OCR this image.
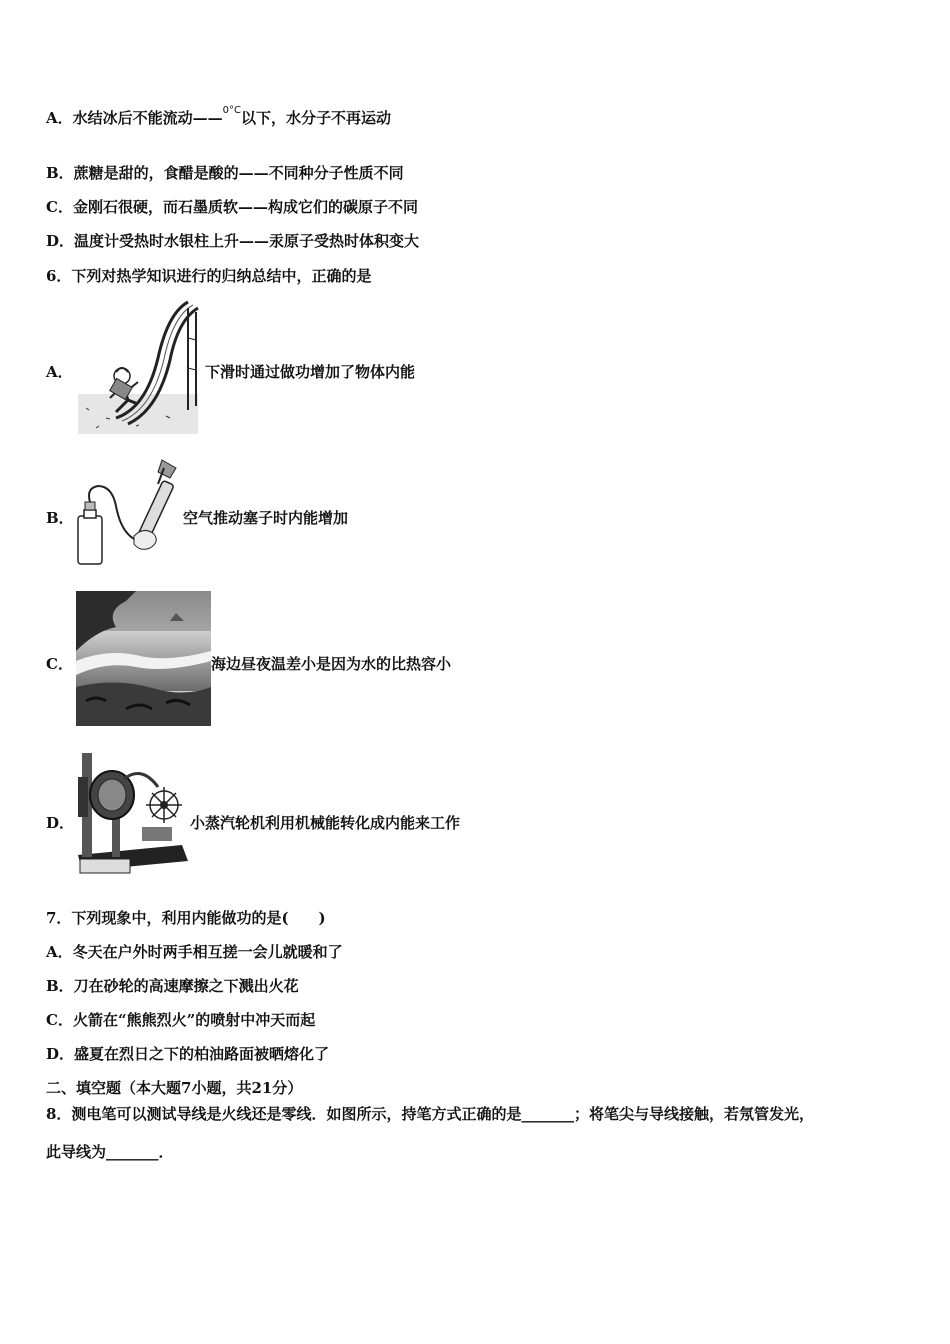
A．水结冰后不能流动——$^{0^\circ C}$以下，水分子不再运动
B．蔗糖是甜的，食醋是酸的——不同种分子性质不同
C．金刚石很硬，而石墨质软——构成它们的碳原子不同
D．温度计受热时水银柱上升——汞原子受热时体积变大
6．下列对热学知识进行的归纳总结中，正确的是
A．	下滑时通过做功增加了物体内能
B．	空气推动塞子时内能增加
C．	海边昼夜温差小是因为水的比热容小
D．	小蒸汽轮机利用机械能转化成内能来工作
7．下列现象中，利用内能做功的是(　　)
A．冬天在户外时两手相互搓一会儿就暖和了
B．刀在砂轮的高速摩擦之下溅出火花
C．火箭在“熊熊烈火”的喷射中冲天而起
D．盛夏在烈日之下的柏油路面被晒熔化了
二、填空题（本大题7小题，共21分）
8．测电笔可以测试导线是火线还是零线．如图所示，持笔方式正确的是_______；将笔尖与导线接触，若氖管发光，
此导线为_______．
